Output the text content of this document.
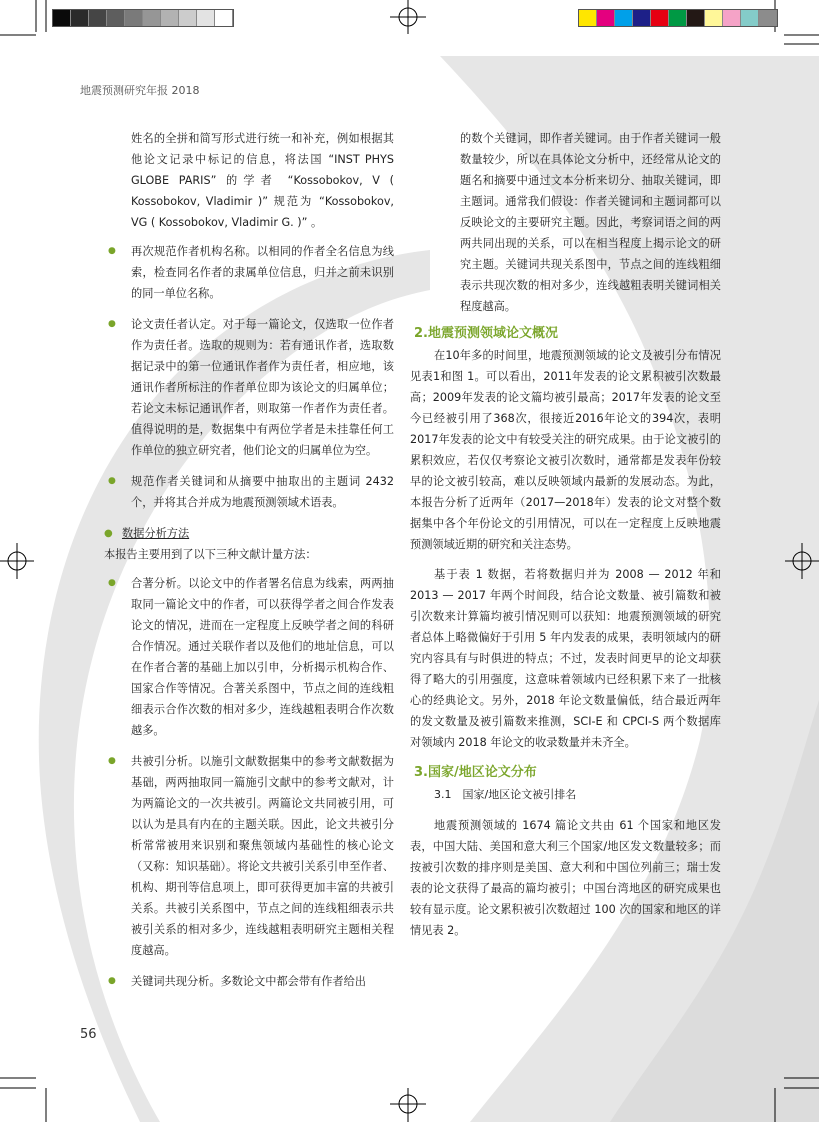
地震预测研究年报 2018

姓名的全拼和简写形式进行统一和补充，例如根据其他论文记录中标记的信息，将法国 “INST PHYS GLOBE PARIS” 的学者 “Kossobokov, V ( Kossobokov, Vladimir )” 规范为 “Kossobokov, VG ( Kossobokov, Vladimir G. )” 。

● 再次规范作者机构名称。以相同的作者全名信息为线索，检查同名作者的隶属单位信息，归并之前未识别的同一单位名称。

● 论文责任者认定。对于每一篇论文，仅选取一位作者作为责任者。选取的规则为：若有通讯作者，选取数据记录中的第一位通讯作者作为责任者，相应地，该通讯作者所标注的作者单位即为该论文的归属单位；若论文未标记通讯作者，则取第一作者作为责任者。值得说明的是，数据集中有两位学者是未挂靠任何工作单位的独立研究者，他们论文的归属单位为空。

● 规范作者关键词和从摘要中抽取出的主题词 2432 个，并将其合并成为地震预测领域术语表。

● 数据分析方法

本报告主要用到了以下三种文献计量方法：

● 合著分析。以论文中的作者署名信息为线索，两两抽取同一篇论文中的作者，可以获得学者之间合作发表论文的情况，进而在一定程度上反映学者之间的科研合作情况。通过关联作者以及他们的地址信息，可以在作者合著的基础上加以引申，分析揭示机构合作、国家合作等情况。合著关系图中，节点之间的连线粗细表示合作次数的相对多少，连线越粗表明合作次数越多。

● 共被引分析。以施引文献数据集中的参考文献数据为基础，两两抽取同一篇施引文献中的参考文献对，计为两篇论文的一次共被引。两篇论文共同被引用，可以认为是具有内在的主题关联。因此，论文共被引分析常常被用来识别和聚焦领域内基础性的核心论文（又称：知识基础）。将论文共被引关系引申至作者、机构、期刊等信息项上，即可获得更加丰富的共被引关系。共被引关系图中，节点之间的连线粗细表示共被引关系的相对多少，连线越粗表明研究主题相关程度越高。

● 关键词共现分析。多数论文中都会带有作者给出

的数个关键词，即作者关键词。由于作者关键词一般数量较少，所以在具体论文分析中，还经常从论文的题名和摘要中通过文本分析来切分、抽取关键词，即主题词。通常我们假设：作者关键词和主题词都可以反映论文的主要研究主题。因此，考察词语之间的两两共同出现的关系，可以在相当程度上揭示论文的研究主题。关键词共现关系图中，节点之间的连线粗细表示共现次数的相对多少，连线越粗表明关键词相关程度越高。

2.地震预测领域论文概况

在10年多的时间里，地震预测领域的论文及被引分布情况见表1和图 1。可以看出，2011年发表的论文累积被引次数最高；2009年发表的论文篇均被引最高；2017年发表的论文至今已经被引用了368次，很接近2016年论文的394次，表明2017年发表的论文中有较受关注的研究成果。由于论文被引的累积效应，若仅仅考察论文被引次数时，通常都是发表年份较早的论文被引较高，难以反映领域内最新的发展动态。为此，本报告分析了近两年（2017—2018年）发表的论文对整个数据集中各个年份论文的引用情况，可以在一定程度上反映地震预测领域近期的研究和关注态势。

基于表 1 数据，若将数据归并为 2008 — 2012 年和 2013 — 2017 年两个时间段，结合论文数量、被引篇数和被引次数来计算篇均被引情况则可以获知：地震预测领域的研究者总体上略微偏好于引用 5 年内发表的成果，表明领域内的研究内容具有与时俱进的特点；不过，发表时间更早的论文却获得了略大的引用强度，这意味着领域内已经积累下来了一批核心的经典论文。另外，2018 年论文数量偏低，结合最近两年的发文数量及被引篇数来推测，SCI-E 和 CPCI-S 两个数据库对领域内 2018 年论文的收录数量并未齐全。

3.国家/地区论文分布

3.1　国家/地区论文被引排名

地震预测领域的 1674 篇论文共由 61 个国家和地区发表，中国大陆、美国和意大利三个国家/地区发文数量较多；而按被引次数的排序则是美国、意大利和中国位列前三；瑞士发表的论文获得了最高的篇均被引；中国台湾地区的研究成果也较有显示度。论文累积被引次数超过 100 次的国家和地区的详情见表 2。

56
